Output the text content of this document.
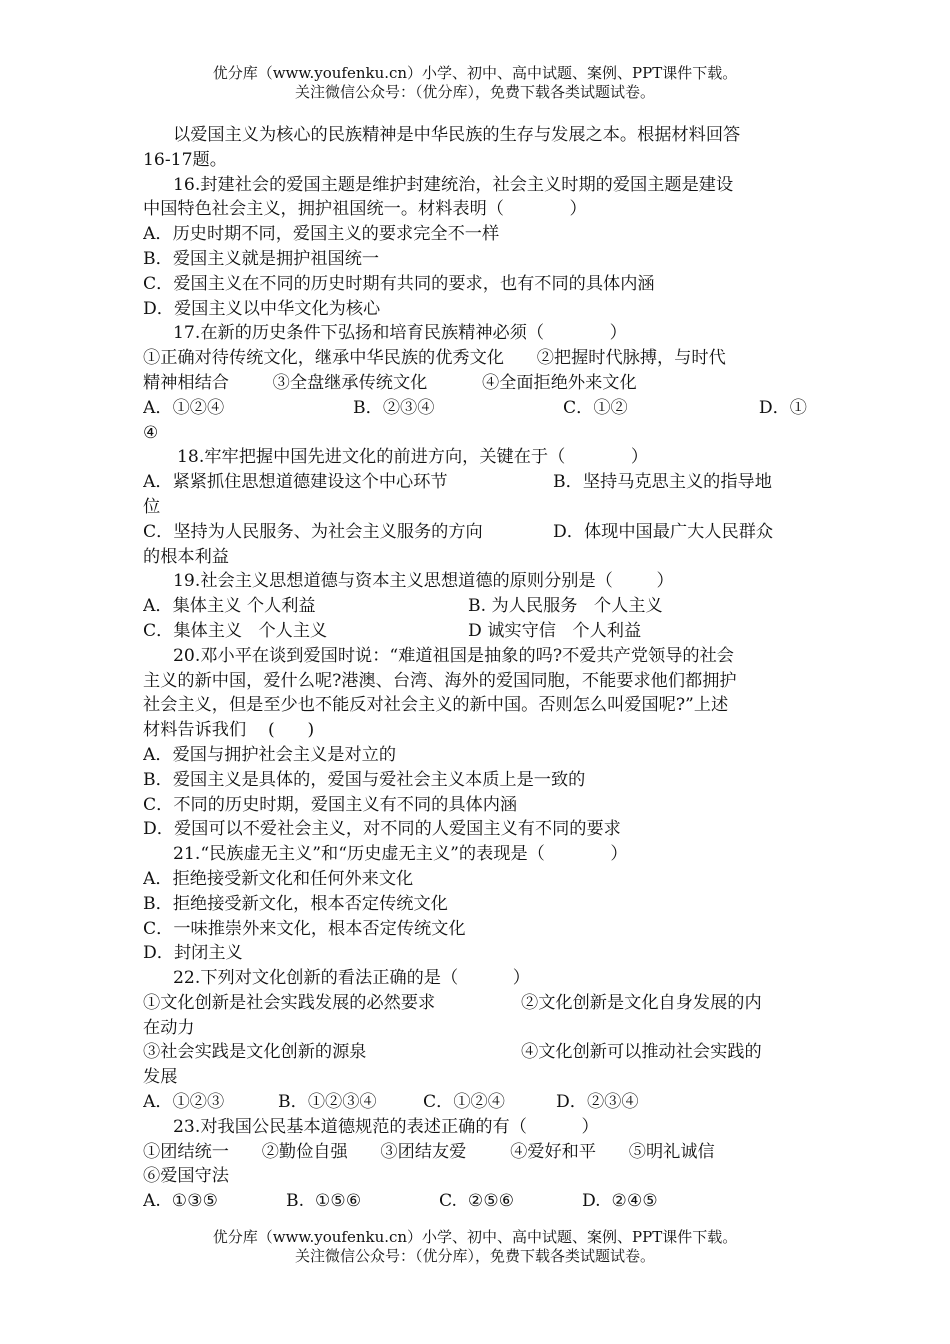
优分库（www.youfenku.cn）小学、初中、高中试题、案例、PPT课件下载。
关注微信公众号：（优分库），免费下载各类试题试卷。
以爱国主义为核心的民族精神是中华民族的生存与发展之本。根据材料回答
16-17题。
16.封建社会的爱国主题是维护封建统治，社会主义时期的爱国主题是建设
中国特色社会主义，拥护祖国统一。材料表明（            ）
A．历史时期不同，爱国主义的要求完全不一样
B．爱国主义就是拥护祖国统一
C．爱国主义在不同的历史时期有共同的要求，也有不同的具体内涵
D．爱国主义以中华文化为核心
17.在新的历史条件下弘扬和培育民族精神必须（            ）
①正确对待传统文化，继承中华民族的优秀文化      ②把握时代脉搏，与时代
精神相结合        ③全盘继承传统文化          ④全面拒绝外来文化
A．①②④	B．②③④	C．①②	D．①
④
18.牢牢把握中国先进文化的前进方向，关键在于（            ）
A．紧紧抓住思想道德建设这个中心环节	B．坚持马克思主义的指导地
位
C．坚持为人民服务、为社会主义服务的方向	D．体现中国最广大人民群众
的根本利益
19.社会主义思想道德与资本主义思想道德的原则分别是（        ）
A．集体主义 个人利益	B. 为人民服务   个人主义
C．集体主义   个人主义	D 诚实守信   个人利益
20.邓小平在谈到爱国时说：“难道祖国是抽象的吗?不爱共产党领导的社会
主义的新中国，爱什么呢?港澳、台湾、海外的爱国同胞，不能要求他们都拥护
社会主义，但是至少也不能反对社会主义的新中国。否则怎么叫爱国呢?”上述
材料告诉我们    (      )
A．爱国与拥护社会主义是对立的
B．爱国主义是具体的，爱国与爱社会主义本质上是一致的
C．不同的历史时期，爱国主义有不同的具体内涵
D．爱国可以不爱社会主义，对不同的人爱国主义有不同的要求
21.“民族虚无主义”和“历史虚无主义”的表现是（            ）
A．拒绝接受新文化和任何外来文化
B．拒绝接受新文化，根本否定传统文化
C．一味推崇外来文化，根本否定传统文化
D．封闭主义
22.下列对文化创新的看法正确的是（          ）
①文化创新是社会实践发展的必然要求	②文化创新是文化自身发展的内
在动力
③社会实践是文化创新的源泉	④文化创新可以推动社会实践的
发展
A．①②③	B．①②③④	C．①②④	D．②③④
23.对我国公民基本道德规范的表述正确的有（          ）
①团结统一      ②勤俭自强      ③团结友爱        ④爱好和平      ⑤明礼诚信
⑥爱国守法
A.  ①③⑤	B.  ①⑤⑥	C.  ②⑤⑥	D.  ②④⑤
优分库（www.youfenku.cn）小学、初中、高中试题、案例、PPT课件下载。
关注微信公众号：（优分库），免费下载各类试题试卷。
